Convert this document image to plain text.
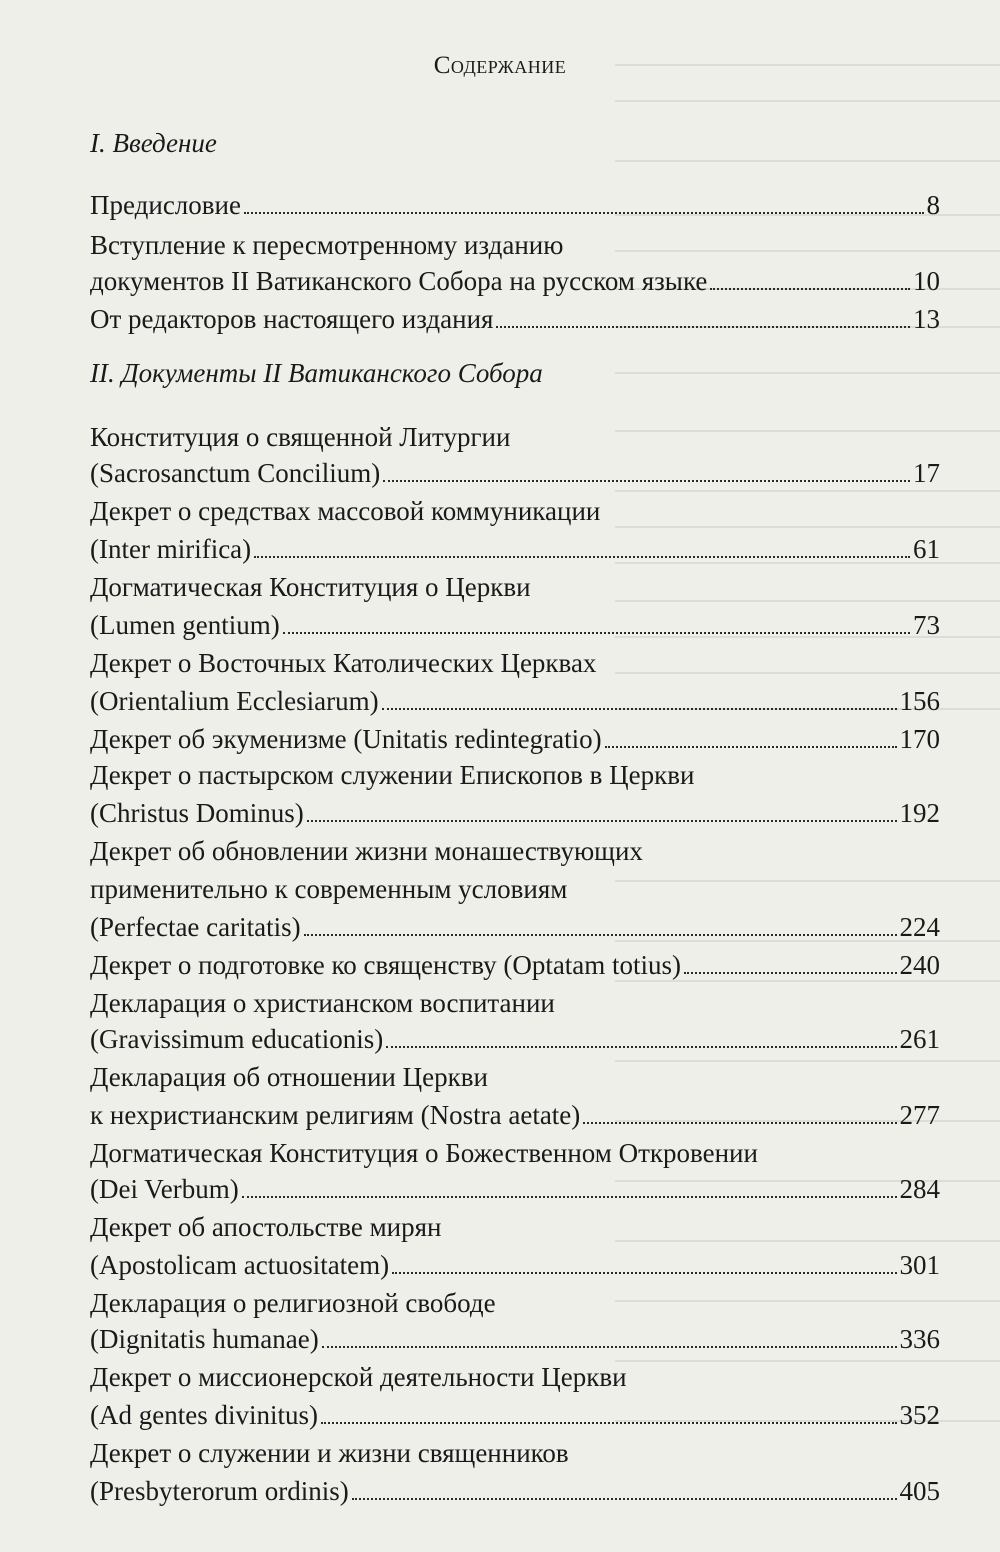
Содержание
I. Введение
Предисловие	8
Вступление к пересмотренному изданию
документов II Ватиканского Собора на русском языке	10
От редакторов настоящего издания	13
II. Документы II Ватиканского Собора
Конституция о священной Литургии
(Sacrosanctum Concilium)	17
Декрет о средствах массовой коммуникации
(Inter mirifica)	61
Догматическая Конституция о Церкви
(Lumen gentium)	73
Декрет о Восточных Католических Церквах
(Orientalium Ecclesiarum)	156
Декрет об экуменизме (Unitatis redintegratio)	170
Декрет о пастырском служении Епископов в Церкви
(Christus Dominus)	192
Декрет об обновлении жизни монашествующих
применительно к современным условиям
(Perfectae caritatis)	224
Декрет о подготовке ко священству (Optatam totius)	240
Декларация о христианском воспитании
(Gravissimum educationis)	261
Декларация об отношении Церкви
к нехристианским религиям (Nostra aetate)	277
Догматическая Конституция о Божественном Откровении
(Dei Verbum)	284
Декрет об апостольстве мирян
(Apostolicam actuositatem)	301
Декларация о религиозной свободе
(Dignitatis humanae)	336
Декрет о миссионерской деятельности Церкви
(Ad gentes divinitus)	352
Декрет о служении и жизни священников
(Presbyterorum ordinis)	405
